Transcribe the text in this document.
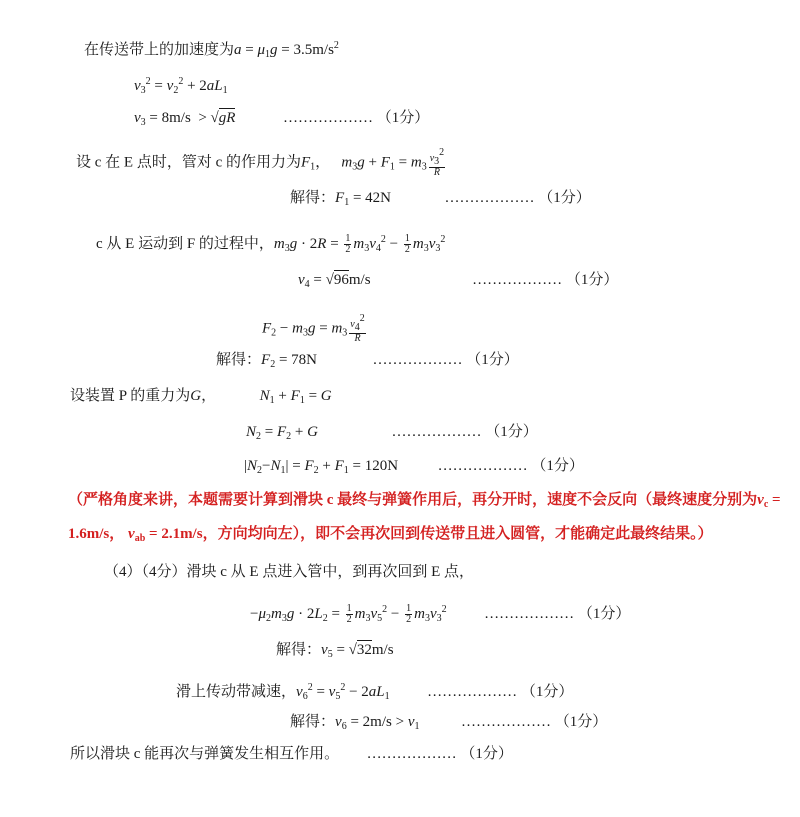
在传送带上的加速度为$a = \mu_1g = 3.5m/s^2$
$v_3^2 = v_2^2 + 2aL_1$
$v_3 = 8m/s > √gR$	……………… （1分）
设 c 在 E 点时，管对 c 的作用力为$F_1$，   $m_3g + F_1 = m_3 \frac{v_3^2}{R}$
解得：$F_1 = 42N$	……………… （1分）
c 从 E 运动到 F 的过程中，$m_3g \cdot 2R = \frac{1}{2} m_3v_4^2 - \frac{1}{2} m_3v_3^2$
$v_4 = √96m/s$	……………… （1分）
$F_2 - m_3g = m_3 \frac{v_4^2}{R}$
解得：$F_2 = 78N$	……………… （1分）
设装置 P 的重力为G，	$N_1 + F_1 = G$
$N_2 = F_2 + G$	……………… （1分）
$|N_2-N_1| = F_2 + F_1 = 120N$	……………… （1分）
（严格角度来讲，本题需要计算到滑块 c 最终与弹簧作用后，再分开时，速度不会反向（最终速度分别为$v_c$ =
1.6m/s， $v_{ab} = 2.1m/s$，方向均向左），即不会再次回到传送带且进入圆管，才能确定此最终结果。）
（4）（4分）滑块 c 从 E 点进入管中，到再次回到 E 点，
$-\mu_2m_3g \cdot 2L_2 = \frac{1}{2} m_3v_5^2 - \frac{1}{2} m_3v_3^2$	……………… （1分）
解得：$v_5 = √32m/s$
滑上传动带减速，$v_6^2 = v_5^2 - 2aL_1$	……………… （1分）
解得：$v_6 = 2m/s > v_1$	……………… （1分）
所以滑块 c 能再次与弹簧发生相互作用。 ……………… （1分）
